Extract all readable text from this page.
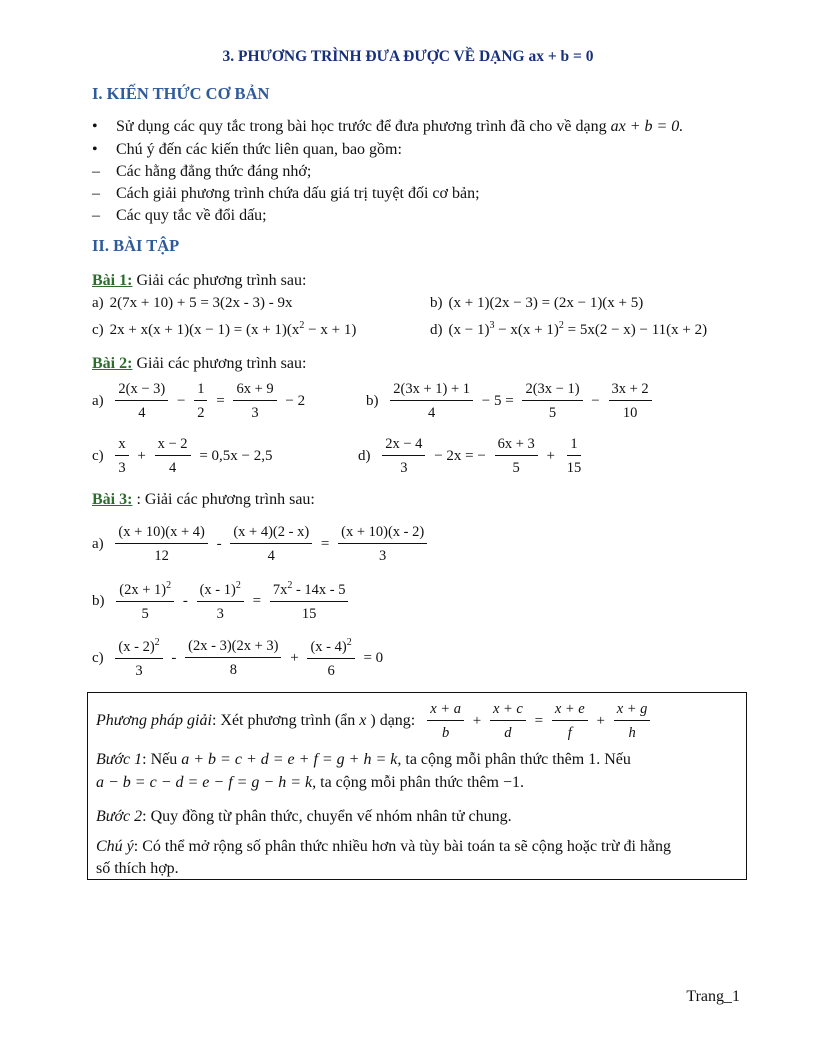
3. PHƯƠNG TRÌNH ĐƯA ĐƯỢC VỀ DẠNG ax + b = 0
I. KIẾN THỨC CƠ BẢN
• Sử dụng các quy tắc trong bài học trước để đưa phương trình đã cho về dạng ax + b = 0.
• Chú ý đến các kiến thức liên quan, bao gồm:
– Các hằng đẳng thức đáng nhớ;
– Cách giải phương trình chứa dấu giá trị tuyệt đối cơ bản;
– Các quy tắc về đổi dấu;
II. BÀI TẬP
Bài 1: Giải các phương trình sau:
a) 2(7x + 10) + 5 = 3(2x - 3) - 9x	b) (x + 1)(2x − 3) = (2x − 1)(x + 5)
c) $2x + x(x + 1)(x - 1) = (x + 1)(x^2 - x + 1)$	d) $(x - 1)^3 - x(x + 1)^2 = 5x(2 - x) - 11(x + 2)$
Bài 2: Giải các phương trình sau:
$a) \frac{2(x - 3)}{4} - \frac{1}{2} = \frac{6x + 9}{3} - 2$	$b) \frac{2(3x + 1) + 1}{4} - 5 = \frac{2(3x - 1)}{5} - \frac{3x + 2}{10}$
$c) \frac{x}{3} + \frac{x - 2}{4} = 0,5x - 2,5$	$d) \frac{2x - 4}{3} - 2x$ = − $\frac{6x + 3}{5} + \frac{1}{15}$
Bài 3: : Giải các phương trình sau:
$a) \frac{(x + 10)(x + 4)}{12} - \frac{(x + 4)(2 - x)}{4} = \frac{(x + 10)(x - 2)}{3}$
$b) \frac{(2x + 1)^2}{5} - \frac{(x - 1)^2}{3} = \frac{7x^2 - 14x - 5}{15}$
$c) \frac{(x - 2)^2}{3} - \frac{(2x - 3)(2x + 3)}{8} + \frac{(x - 4)^2}{6} = 0$
Phương pháp giải: Xét phương trình (ẩn x ) dạng: $\frac{x + a}{b} + \frac{x + c}{d} = \frac{x + e}{f} + \frac{x + g}{h}$
Bước 1: Nếu a + b = c + d = e + f = g + h = k, ta cộng mỗi phân thức thêm 1. Nếu
a − b = c − d = e − f = g − h = k, ta cộng mỗi phân thức thêm −1.
Bước 2: Quy đồng từ phân thức, chuyển vế nhóm nhân tử chung.
Chú ý: Có thể mở rộng số phân thức nhiều hơn và tùy bài toán ta sẽ cộng hoặc trừ đi hằng
số thích hợp.
Trang_1
